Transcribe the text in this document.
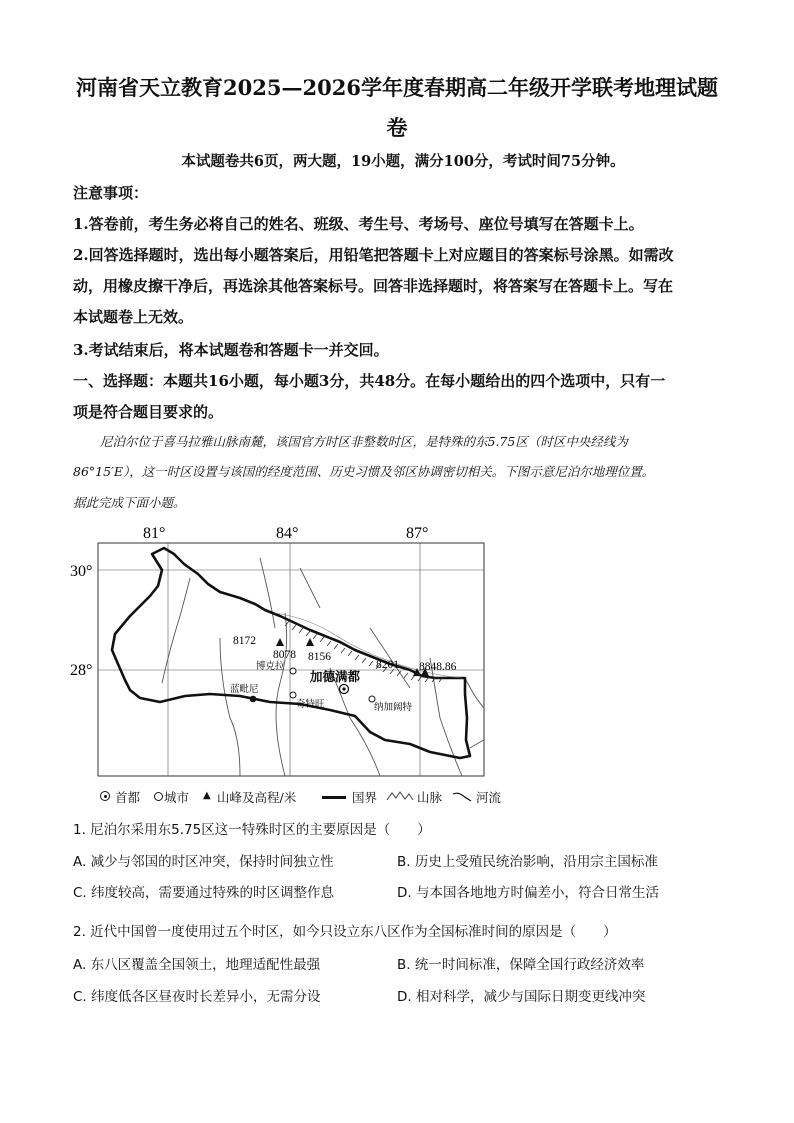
河南省天立教育2025—2026学年度春期高二年级开学联考地理试题
卷
本试题卷共6页，两大题，19小题，满分100分，考试时间75分钟。
注意事项：
1.答卷前，考生务必将自己的姓名、班级、考生号、考场号、座位号填写在答题卡上。
2.回答选择题时，选出每小题答案后，用铅笔把答题卡上对应题目的答案标号涂黑。如需改
动，用橡皮擦干净后，再选涂其他答案标号。回答非选择题时，将答案写在答题卡上。写在
本试题卷上无效。
3.考试结束后，将本试题卷和答题卡一并交回。
一、选择题：本题共16小题，每小题3分，共48分。在每小题给出的四个选项中，只有一
项是符合题目要求的。
尼泊尔位于喜马拉雅山脉南麓，该国官方时区非整数时区，是特殊的东5.75区（时区中央经线为
86°15′E），这一时区设置与该国的经度范围、历史习惯及邻区协调密切相关。下图示意尼泊尔地理位置。
据此完成下面小题。
81°	84°	87°
30°
28°
8172
8078 8156
8201 8848.86
博克拉
蓝毗尼
奇特旺	纳加阔特
加德满都
首都 城市 ▲ 山峰及高程/米	国界	山脉	河流
1. 尼泊尔采用东5.75区这一特殊时区的主要原因是（　　）
A. 减少与邻国的时区冲突，保持时间独立性	B. 历史上受殖民统治影响，沿用宗主国标准
C. 纬度较高，需要通过特殊的时区调整作息	D. 与本国各地地方时偏差小，符合日常生活
2. 近代中国曾一度使用过五个时区，如今只设立东八区作为全国标准时间的原因是（　　）
A. 东八区覆盖全国领土，地理适配性最强	B. 统一时间标准，保障全国行政经济效率
C. 纬度低各区昼夜时长差异小，无需分设	D. 相对科学，减少与国际日期变更线冲突
